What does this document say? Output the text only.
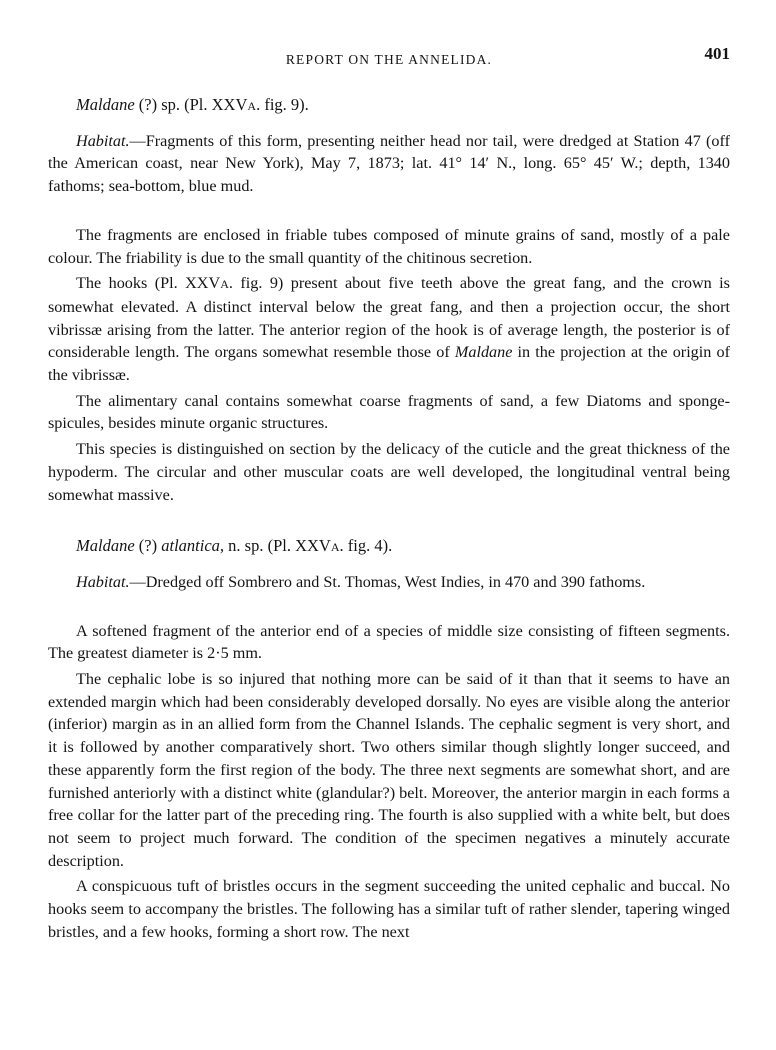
REPORT ON THE ANNELIDA.	401
Maldane (?) sp. (Pl. XXVA. fig. 9).

Habitat.—Fragments of this form, presenting neither head nor tail, were dredged at Station 47 (off the American coast, near New York), May 7, 1873; lat. 41° 14′ N., long. 65° 45′ W.; depth, 1340 fathoms; sea-bottom, blue mud.

The fragments are enclosed in friable tubes composed of minute grains of sand, mostly of a pale colour. The friability is due to the small quantity of the chitinous secretion.

The hooks (Pl. XXVA. fig. 9) present about five teeth above the great fang, and the crown is somewhat elevated. A distinct interval below the great fang, and then a projection occur, the short vibrissæ arising from the latter. The anterior region of the hook is of average length, the posterior is of considerable length. The organs somewhat resemble those of Maldane in the projection at the origin of the vibrissæ.

The alimentary canal contains somewhat coarse fragments of sand, a few Diatoms and sponge-spicules, besides minute organic structures.

This species is distinguished on section by the delicacy of the cuticle and the great thickness of the hypoderm. The circular and other muscular coats are well developed, the longitudinal ventral being somewhat massive.

Maldane (?) atlantica, n. sp. (Pl. XXVA. fig. 4).

Habitat.—Dredged off Sombrero and St. Thomas, West Indies, in 470 and 390 fathoms.

A softened fragment of the anterior end of a species of middle size consisting of fifteen segments. The greatest diameter is 2·5 mm.

The cephalic lobe is so injured that nothing more can be said of it than that it seems to have an extended margin which had been considerably developed dorsally. No eyes are visible along the anterior (inferior) margin as in an allied form from the Channel Islands. The cephalic segment is very short, and it is followed by another comparatively short. Two others similar though slightly longer succeed, and these apparently form the first region of the body. The three next segments are somewhat short, and are furnished anteriorly with a distinct white (glandular?) belt. Moreover, the anterior margin in each forms a free collar for the latter part of the preceding ring. The fourth is also supplied with a white belt, but does not seem to project much forward. The condition of the specimen negatives a minutely accurate description.

A conspicuous tuft of bristles occurs in the segment succeeding the united cephalic and buccal. No hooks seem to accompany the bristles. The following has a similar tuft of rather slender, tapering winged bristles, and a few hooks, forming a short row. The next
